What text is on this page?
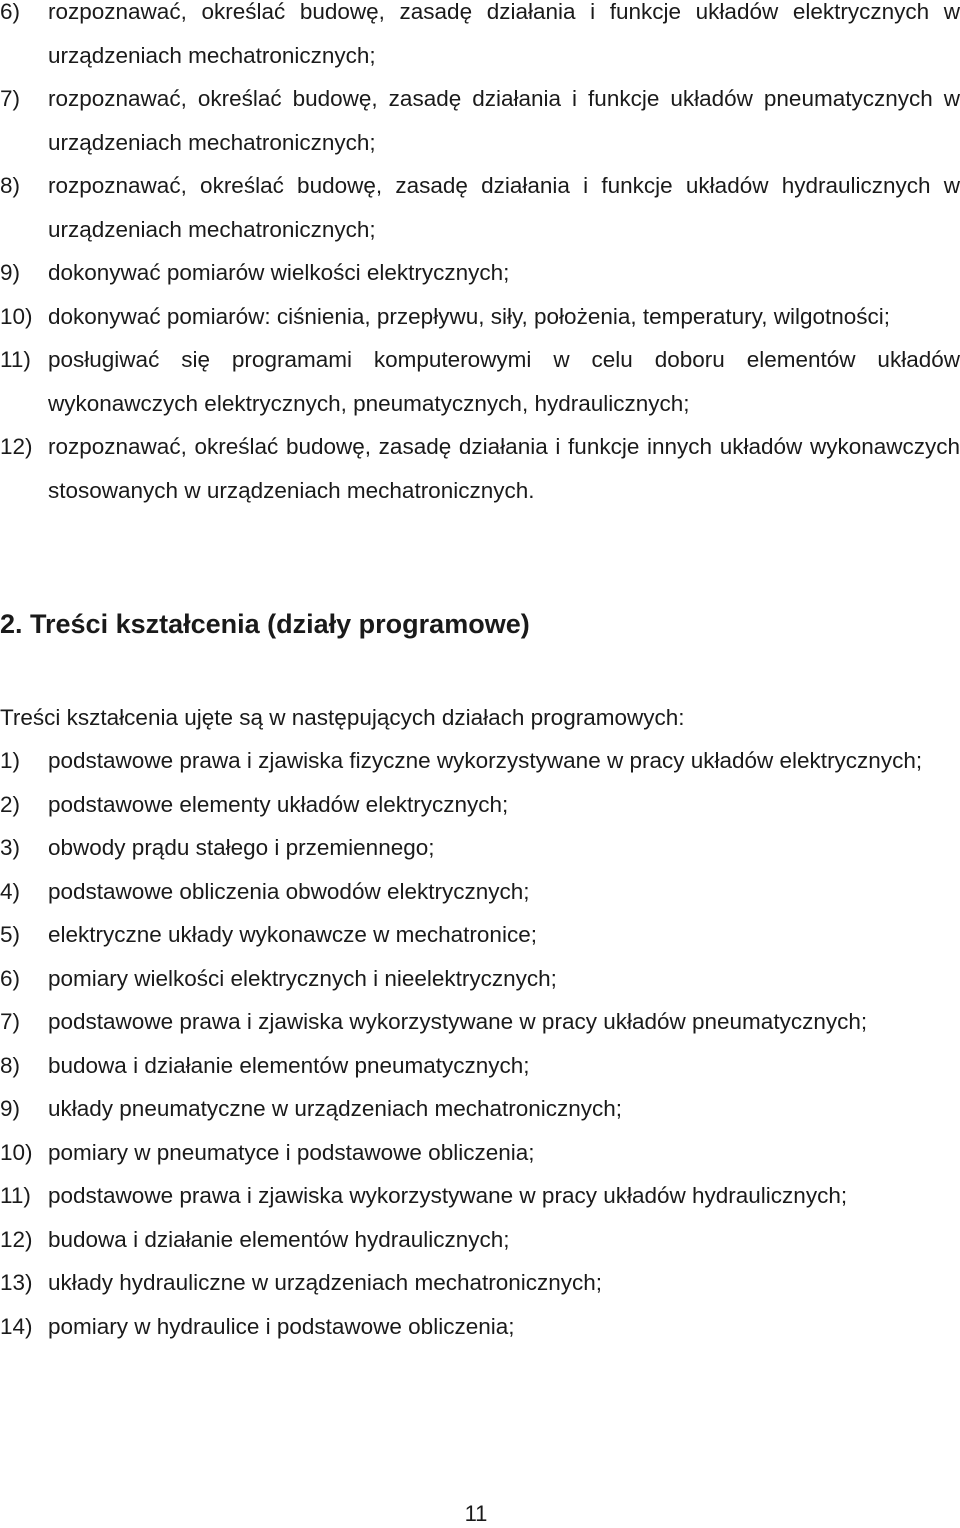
6) rozpoznawać, określać budowę, zasadę działania i funkcje układów elektrycznych w urządzeniach mechatronicznych;
7) rozpoznawać, określać budowę, zasadę działania i funkcje układów pneumatycznych w urządzeniach mechatronicznych;
8) rozpoznawać, określać budowę, zasadę działania i funkcje układów hydraulicznych w urządzeniach mechatronicznych;
9) dokonywać pomiarów wielkości elektrycznych;
10) dokonywać pomiarów: ciśnienia, przepływu, siły, położenia, temperatury, wilgotności;
11) posługiwać się programami komputerowymi w celu doboru elementów układów wykonawczych elektrycznych, pneumatycznych, hydraulicznych;
12) rozpoznawać, określać budowę, zasadę działania i funkcje innych układów wykonawczych stosowanych w urządzeniach mechatronicznych.
2. Treści kształcenia (działy programowe)

Treści kształcenia ujęte są w następujących działach programowych:

1) podstawowe prawa i zjawiska fizyczne wykorzystywane w pracy układów elektrycznych;
2) podstawowe elementy układów elektrycznych;
3) obwody prądu stałego i przemiennego;
4) podstawowe obliczenia obwodów elektrycznych;
5) elektryczne układy wykonawcze w mechatronice;
6) pomiary wielkości elektrycznych i nieelektrycznych;
7) podstawowe prawa i zjawiska wykorzystywane w pracy układów pneumatycznych;
8) budowa i działanie elementów pneumatycznych;
9) układy pneumatyczne w urządzeniach mechatronicznych;
10) pomiary w pneumatyce i podstawowe obliczenia;
11) podstawowe prawa i zjawiska wykorzystywane w pracy układów hydraulicznych;
12) budowa i działanie elementów hydraulicznych;
13) układy hydrauliczne w urządzeniach mechatronicznych;
14) pomiary w hydraulice i podstawowe obliczenia;
11
